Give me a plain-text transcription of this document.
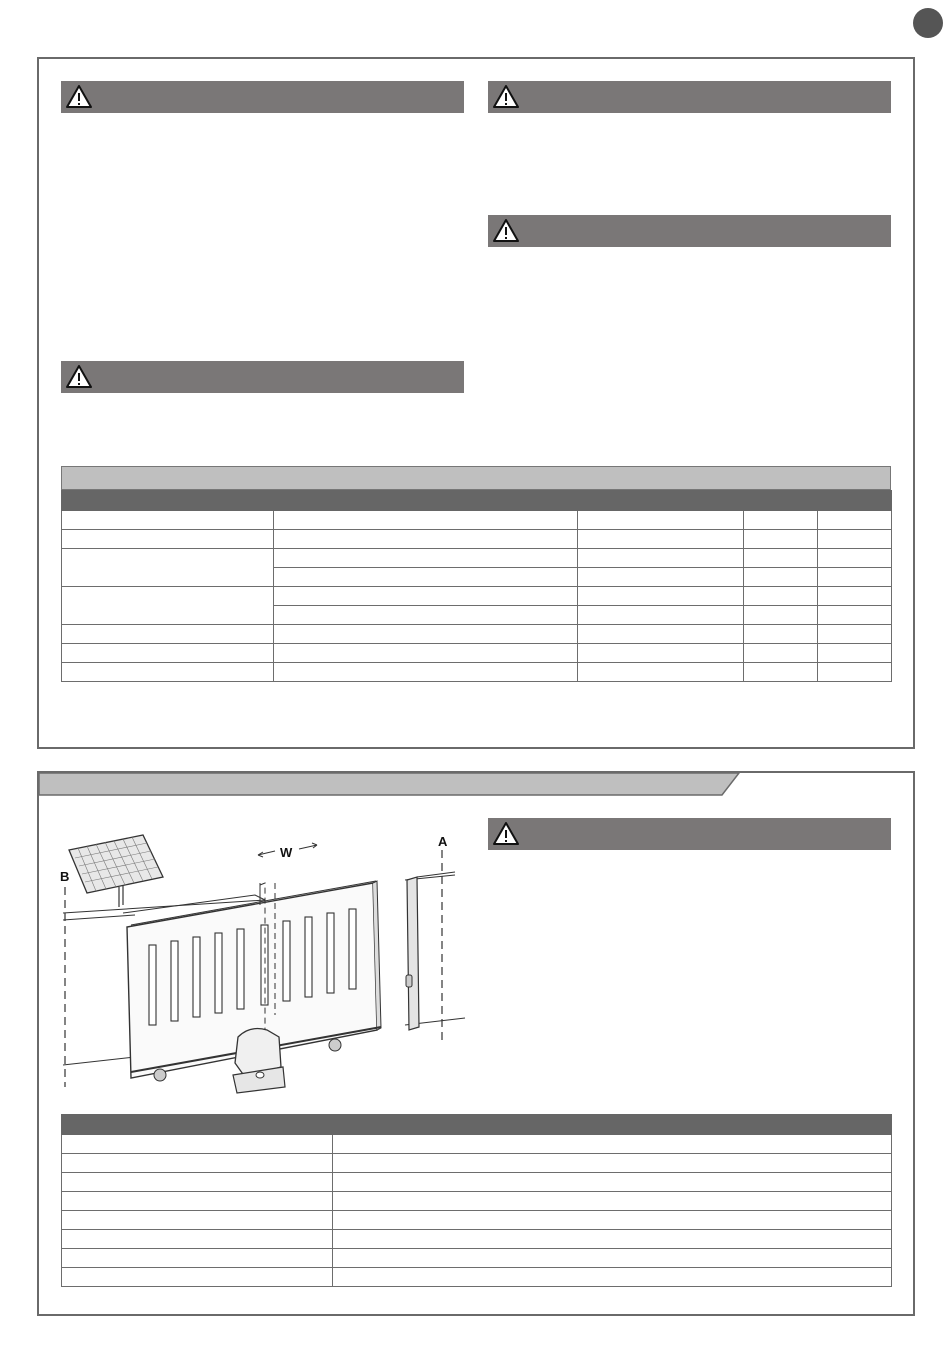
W
A
B
